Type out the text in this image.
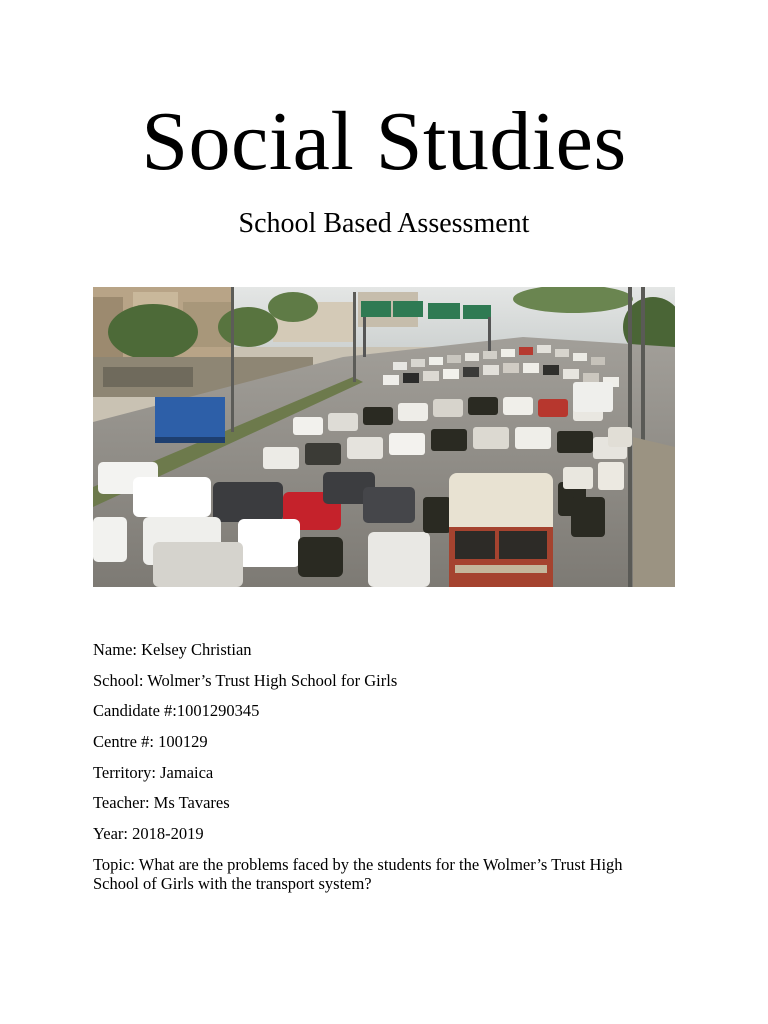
Social Studies
School Based Assessment
Name: Kelsey Christian
School: Wolmer’s Trust High School for Girls
Candidate #:1001290345
Centre #: 100129
Territory: Jamaica
Teacher: Ms Tavares
Year: 2018-2019
Topic: What are the problems faced by the students for the Wolmer’s Trust High School of Girls with the transport system?
